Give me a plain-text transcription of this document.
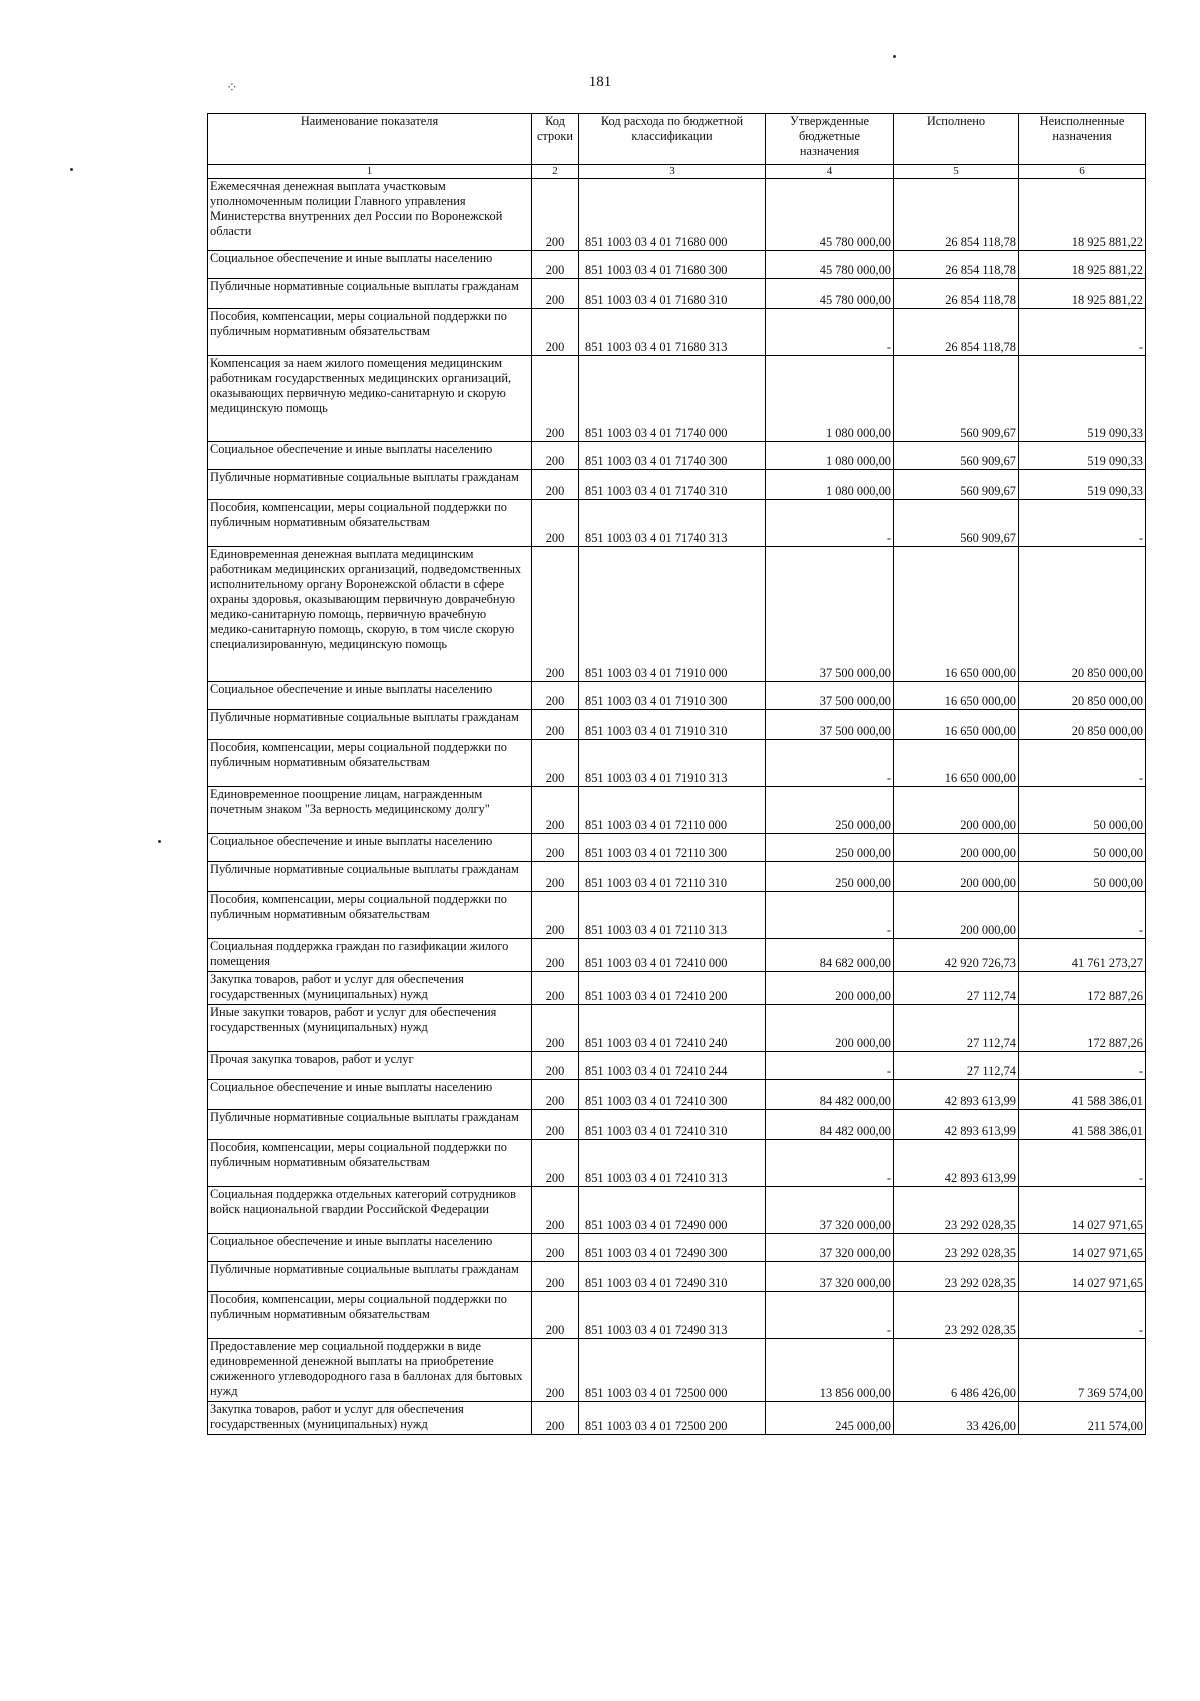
181
⁘
Наименование показателя	Код строки	Код расхода по бюджетной классификации	Утвержденные бюджетные назначения	Исполнено	Неисполненные назначения
1	2	3	4	5	6
Ежемесячная денежная выплата участковым уполномоченным полиции Главного управления Министерства внутренних дел России по Воронежской области	200	851 1003 03 4 01 71680 000	45 780 000,00	26 854 118,78	18 925 881,22
Социальное обеспечение и иные выплаты населению	200	851 1003 03 4 01 71680 300	45 780 000,00	26 854 118,78	18 925 881,22
Публичные нормативные социальные выплаты гражданам	200	851 1003 03 4 01 71680 310	45 780 000,00	26 854 118,78	18 925 881,22
Пособия, компенсации, меры социальной поддержки по публичным нормативным обязательствам	200	851 1003 03 4 01 71680 313	-	26 854 118,78	-
Компенсация за наем жилого помещения медицинским работникам государственных медицинских организаций, оказывающих первичную медико-санитарную и скорую медицинскую помощь	200	851 1003 03 4 01 71740 000	1 080 000,00	560 909,67	519 090,33
Социальное обеспечение и иные выплаты населению	200	851 1003 03 4 01 71740 300	1 080 000,00	560 909,67	519 090,33
Публичные нормативные социальные выплаты гражданам	200	851 1003 03 4 01 71740 310	1 080 000,00	560 909,67	519 090,33
Пособия, компенсации, меры социальной поддержки по публичным нормативным обязательствам	200	851 1003 03 4 01 71740 313	-	560 909,67	-
Единовременная денежная выплата медицинским работникам медицинских организаций, подведомственных исполнительному органу Воронежской области в сфере охраны здоровья, оказывающим первичную доврачебную медико-санитарную помощь, первичную врачебную медико-санитарную помощь, скорую, в том числе скорую специализированную, медицинскую помощь	200	851 1003 03 4 01 71910 000	37 500 000,00	16 650 000,00	20 850 000,00
Социальное обеспечение и иные выплаты населению	200	851 1003 03 4 01 71910 300	37 500 000,00	16 650 000,00	20 850 000,00
Публичные нормативные социальные выплаты гражданам	200	851 1003 03 4 01 71910 310	37 500 000,00	16 650 000,00	20 850 000,00
Пособия, компенсации, меры социальной поддержки по публичным нормативным обязательствам	200	851 1003 03 4 01 71910 313	-	16 650 000,00	-
Единовременное поощрение лицам, награжденным почетным знаком "За верность медицинскому долгу"	200	851 1003 03 4 01 72110 000	250 000,00	200 000,00	50 000,00
Социальное обеспечение и иные выплаты населению	200	851 1003 03 4 01 72110 300	250 000,00	200 000,00	50 000,00
Публичные нормативные социальные выплаты гражданам	200	851 1003 03 4 01 72110 310	250 000,00	200 000,00	50 000,00
Пособия, компенсации, меры социальной поддержки по публичным нормативным обязательствам	200	851 1003 03 4 01 72110 313	-	200 000,00	-
Социальная поддержка граждан по газификации жилого помещения	200	851 1003 03 4 01 72410 000	84 682 000,00	42 920 726,73	41 761 273,27
Закупка товаров, работ и услуг для обеспечения государственных (муниципальных) нужд	200	851 1003 03 4 01 72410 200	200 000,00	27 112,74	172 887,26
Иные закупки товаров, работ и услуг для обеспечения государственных (муниципальных) нужд	200	851 1003 03 4 01 72410 240	200 000,00	27 112,74	172 887,26
Прочая закупка товаров, работ и услуг	200	851 1003 03 4 01 72410 244	-	27 112,74	-
Социальное обеспечение и иные выплаты населению	200	851 1003 03 4 01 72410 300	84 482 000,00	42 893 613,99	41 588 386,01
Публичные нормативные социальные выплаты гражданам	200	851 1003 03 4 01 72410 310	84 482 000,00	42 893 613,99	41 588 386,01
Пособия, компенсации, меры социальной поддержки по публичным нормативным обязательствам	200	851 1003 03 4 01 72410 313	-	42 893 613,99	-
Социальная поддержка отдельных категорий сотрудников войск национальной гвардии Российской Федерации	200	851 1003 03 4 01 72490 000	37 320 000,00	23 292 028,35	14 027 971,65
Социальное обеспечение и иные выплаты населению	200	851 1003 03 4 01 72490 300	37 320 000,00	23 292 028,35	14 027 971,65
Публичные нормативные социальные выплаты гражданам	200	851 1003 03 4 01 72490 310	37 320 000,00	23 292 028,35	14 027 971,65
Пособия, компенсации, меры социальной поддержки по публичным нормативным обязательствам	200	851 1003 03 4 01 72490 313	-	23 292 028,35	-
Предоставление мер социальной поддержки в виде единовременной денежной выплаты на приобретение сжиженного углеводородного газа в баллонах для бытовых нужд	200	851 1003 03 4 01 72500 000	13 856 000,00	6 486 426,00	7 369 574,00
Закупка товаров, работ и услуг для обеспечения государственных (муниципальных) нужд	200	851 1003 03 4 01 72500 200	245 000,00	33 426,00	211 574,00
